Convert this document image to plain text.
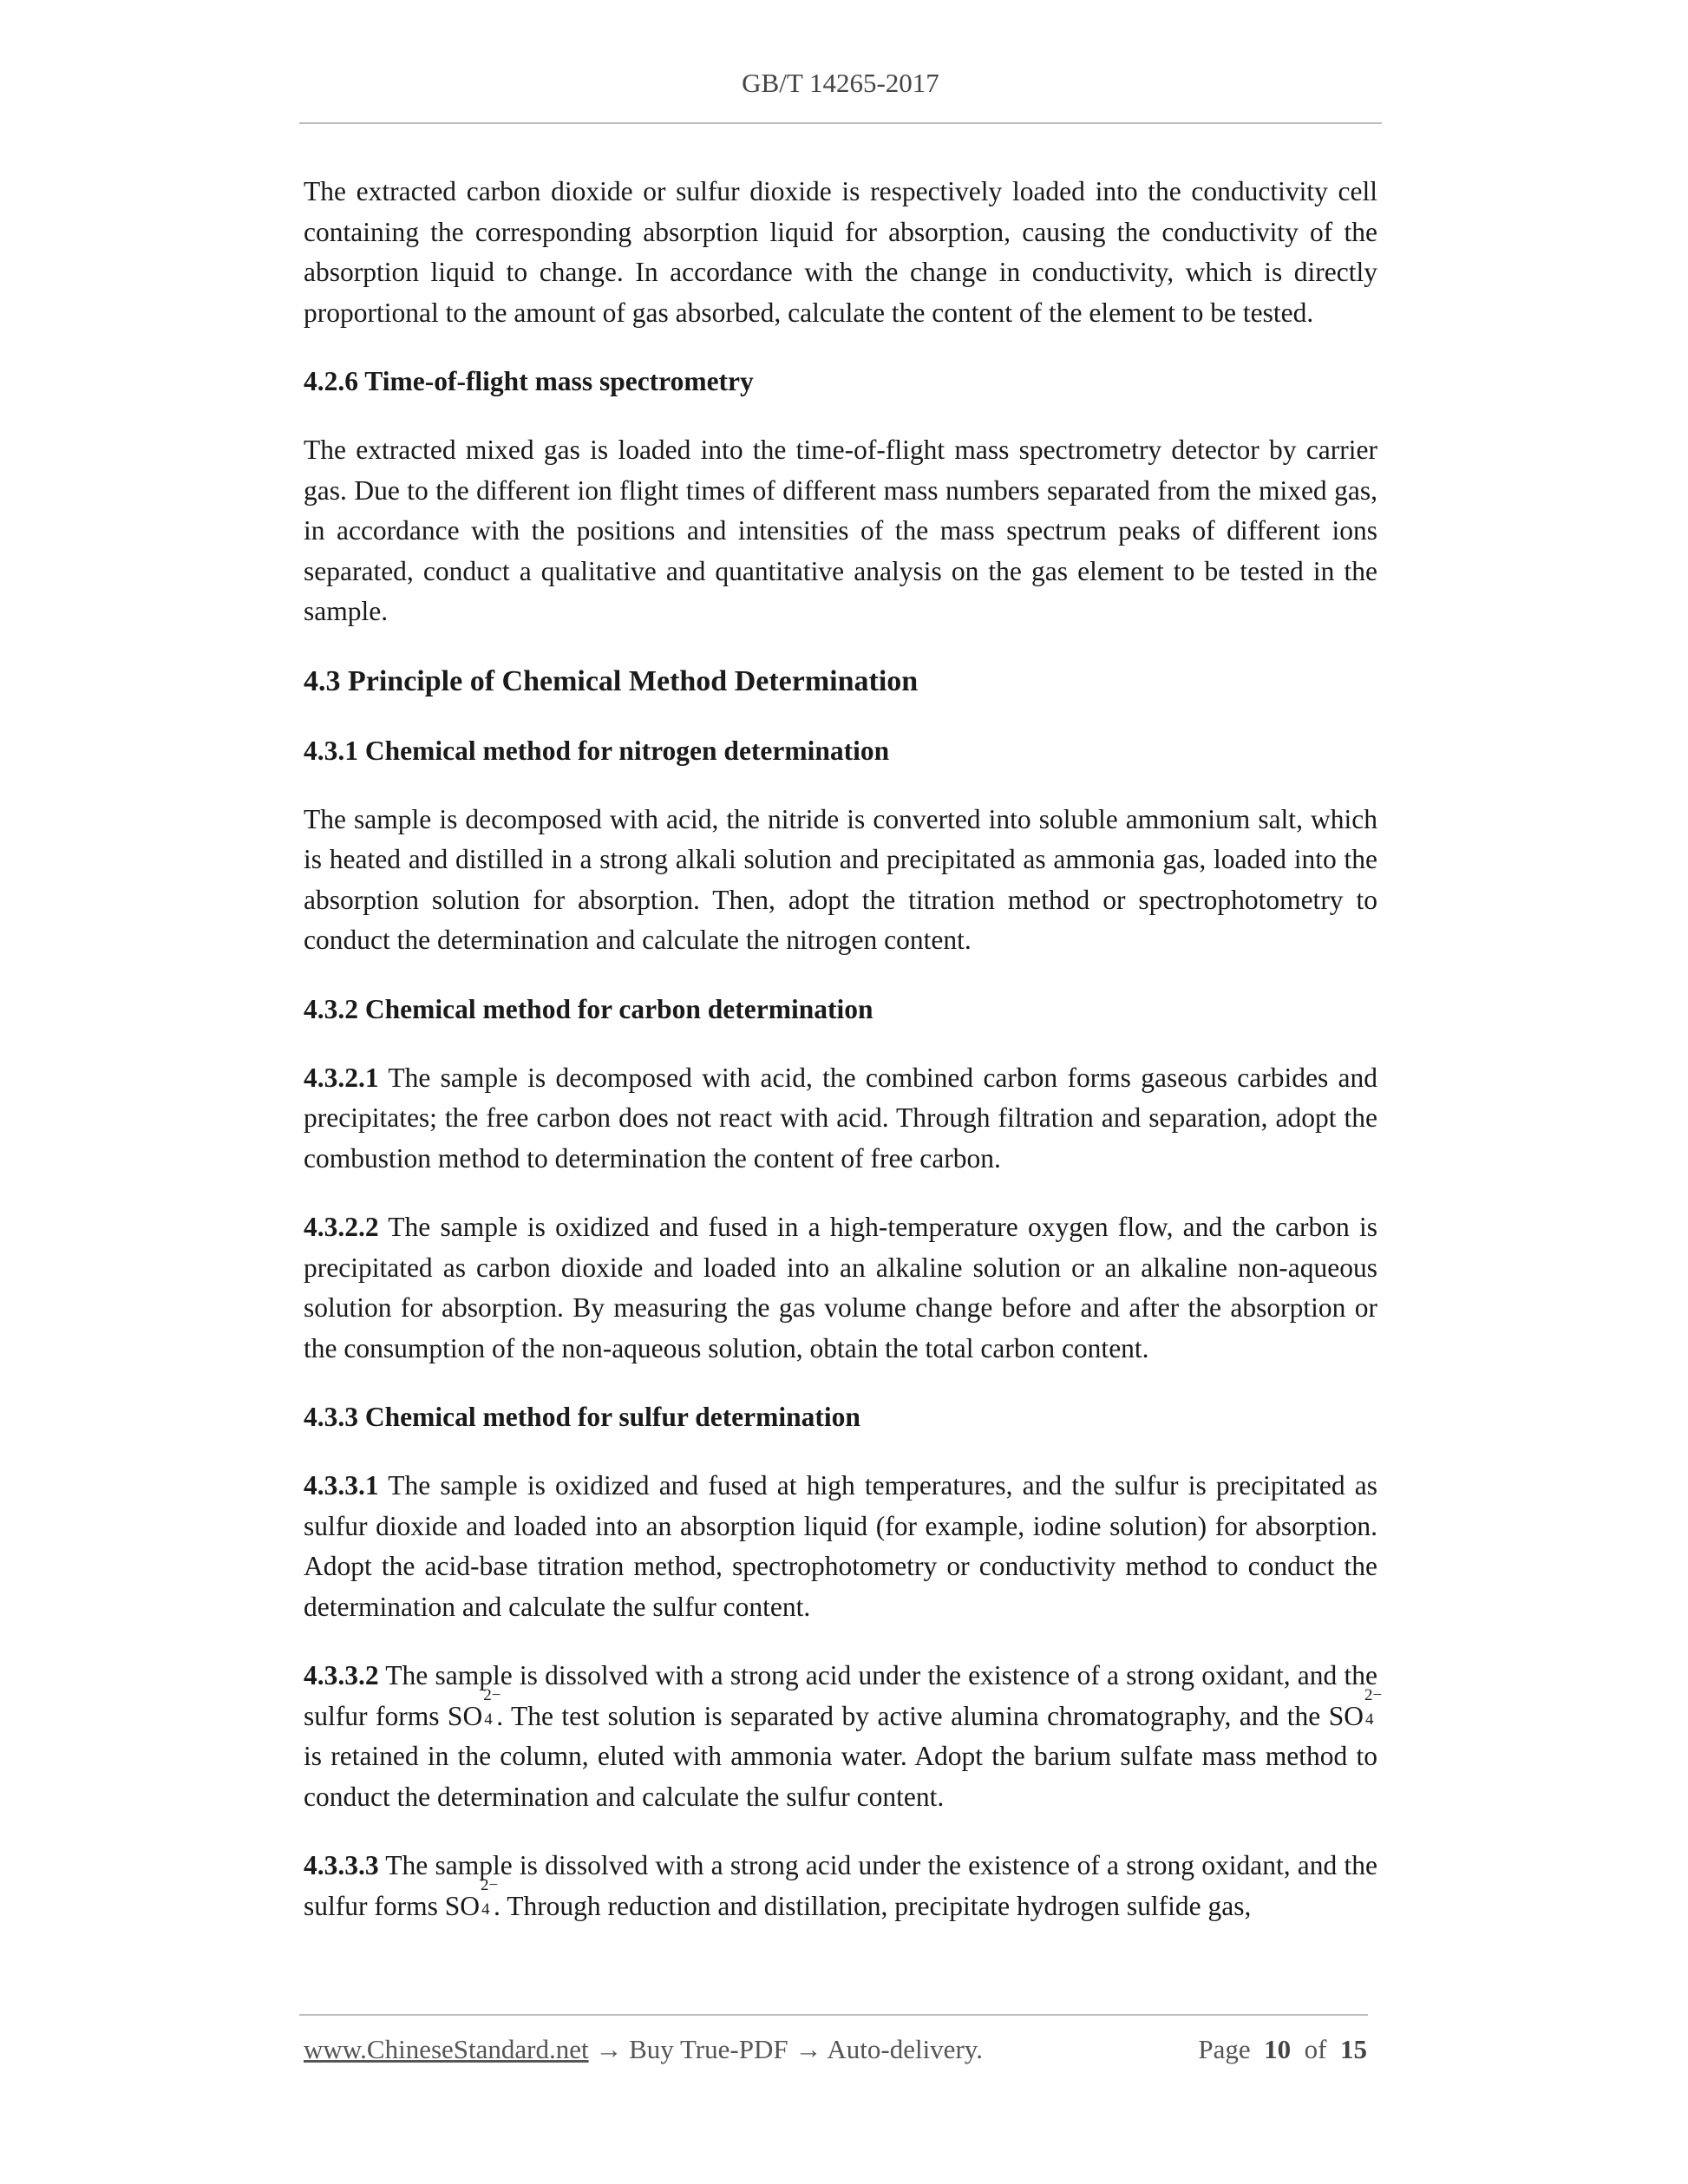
GB/T 14265-2017

The extracted carbon dioxide or sulfur dioxide is respectively loaded into the conductivity cell containing the corresponding absorption liquid for absorption, causing the conductivity of the absorption liquid to change. In accordance with the change in conductivity, which is directly proportional to the amount of gas absorbed, calculate the content of the element to be tested.

4.2.6 Time-of-flight mass spectrometry

The extracted mixed gas is loaded into the time-of-flight mass spectrometry detector by carrier gas. Due to the different ion flight times of different mass numbers separated from the mixed gas, in accordance with the positions and intensities of the mass spectrum peaks of different ions separated, conduct a qualitative and quantitative analysis on the gas element to be tested in the sample.

4.3 Principle of Chemical Method Determination
4.3.1 Chemical method for nitrogen determination

The sample is decomposed with acid, the nitride is converted into soluble ammonium salt, which is heated and distilled in a strong alkali solution and precipitated as ammonia gas, loaded into the absorption solution for absorption. Then, adopt the titration method or spectrophotometry to conduct the determination and calculate the nitrogen content.

4.3.2 Chemical method for carbon determination

4.3.2.1 The sample is decomposed with acid, the combined carbon forms gaseous carbides and precipitates; the free carbon does not react with acid. Through filtration and separation, adopt the combustion method to determination the content of free carbon.

4.3.2.2 The sample is oxidized and fused in a high-temperature oxygen flow, and the carbon is precipitated as carbon dioxide and loaded into an alkaline solution or an alkaline non-aqueous solution for absorption. By measuring the gas volume change before and after the absorption or the consumption of the non-aqueous solution, obtain the total carbon content.

4.3.3 Chemical method for sulfur determination

4.3.3.1 The sample is oxidized and fused at high temperatures, and the sulfur is precipitated as sulfur dioxide and loaded into an absorption liquid (for example, iodine solution) for absorption. Adopt the acid-base titration method, spectrophotometry or conductivity method to conduct the determination and calculate the sulfur content.

4.3.3.2 The sample is dissolved with a strong acid under the existence of a strong oxidant, and the sulfur forms SO
2−
4 . The test solution is separated by active alumina chromatography, and the SO
2−
4
is retained in the column, eluted with ammonia water. Adopt the barium sulfate mass method to conduct the determination and calculate the sulfur content.

4.3.3.3 The sample is dissolved with a strong acid under the existence of a strong oxidant, and the sulfur forms SO
2−
4 . Through reduction and distillation, precipitate hydrogen sulfide gas,

www.ChineseStandard.net → Buy True-PDF → Auto-delivery.	Page 10 of 15
